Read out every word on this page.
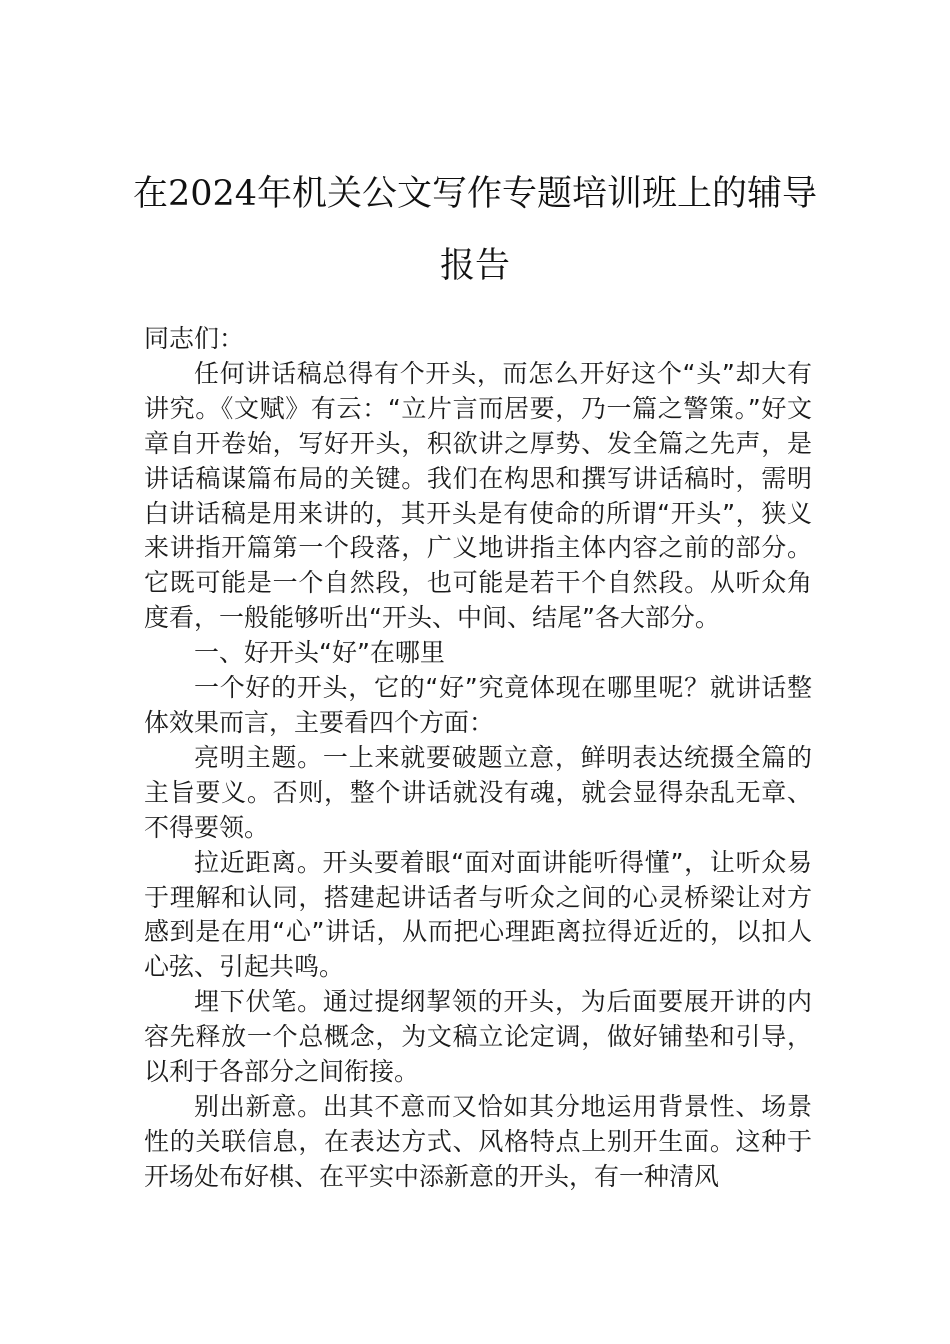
在2024年机关公文写作专题培训班上的辅导报告

同志们：

任何讲话稿总得有个开头，而怎么开好这个“头”却大有讲究。《文赋》有云：“立片言而居要，乃一篇之警策。”好文章自开卷始，写好开头，积欲讲之厚势、发全篇之先声，是讲话稿谋篇布局的关键。我们在构思和撰写讲话稿时，需明白讲话稿是用来讲的，其开头是有使命的所谓“开头”，狭义来讲指开篇第一个段落，广义地讲指主体内容之前的部分。它既可能是一个自然段，也可能是若干个自然段。从听众角度看，一般能够听出“开头、中间、结尾”各大部分。

一、好开头“好”在哪里

一个好的开头，它的“好”究竟体现在哪里呢？就讲话整体效果而言，主要看四个方面：

亮明主题。一上来就要破题立意，鲜明表达统摄全篇的主旨要义。否则，整个讲话就没有魂，就会显得杂乱无章、不得要领。

拉近距离。开头要着眼“面对面讲能听得懂”，让听众易于理解和认同，搭建起讲话者与听众之间的心灵桥梁让对方感到是在用“心”讲话，从而把心理距离拉得近近的，以扣人心弦、引起共鸣。

埋下伏笔。通过提纲挈领的开头，为后面要展开讲的内容先释放一个总概念，为文稿立论定调，做好铺垫和引导，以利于各部分之间衔接。

别出新意。出其不意而又恰如其分地运用背景性、场景性的关联信息，在表达方式、风格特点上别开生面。这种于开场处布好棋、在平实中添新意的开头，有一种清风
